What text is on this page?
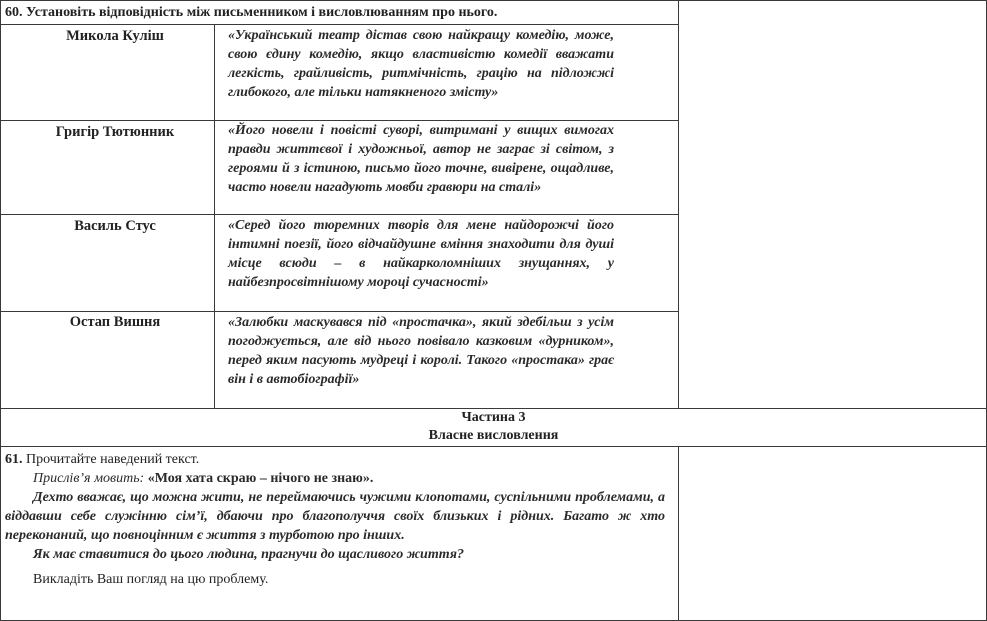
60. Установіть відповідність між письменником і висловлюванням про нього.
Микола Куліш	«Український театр дістав свою найкращу комедію, може, свою єдину комедію, якщо властивістю комедії вважати легкість, грайливість, ритмічність, грацію на підложжі глибокого, але тільки натякненого змісту»
Григір Тютюнник	«Його новели і повісті суворі, витримані у вищих вимогах правди життєвої і художньої, автор не заграє зі світом, з героями й з істиною, письмо його точне, вивірене, ощадливе, часто новели нагадують мовби гравюри на сталі»
Василь Стус	«Серед його тюремних творів для мене найдорожчі його інтимні поезії, його відчайдушне вміння знаходити для душі місце всюди – в найкарколомніших знущаннях, у найбезпросвітнішому мороці сучасності»
Остап Вишня	«Залюбки маскувався під «простачка», який здебільш з усім погоджується, але від нього повівало казковим «дурником», перед яким пасують мудреці і королі. Такого «простака» грає він і в автобіографії»
Частина 3
Власне висловлення
61. Прочитайте наведений текст.
Прислів’я мовить: «Моя хата скраю – нічого не знаю».
Дехто вважає, що можна жити, не переймаючись чужими клопотами, суспільними проблемами, а віддавши себе служінню сім’ї, дбаючи про благополуччя своїх близьких і рідних. Багато ж хто переконаний, що повноцінним є життя з турботою про інших.
Як має ставитися до цього людина, прагнучи до щасливого життя?
Викладіть Ваш погляд на цю проблему.
